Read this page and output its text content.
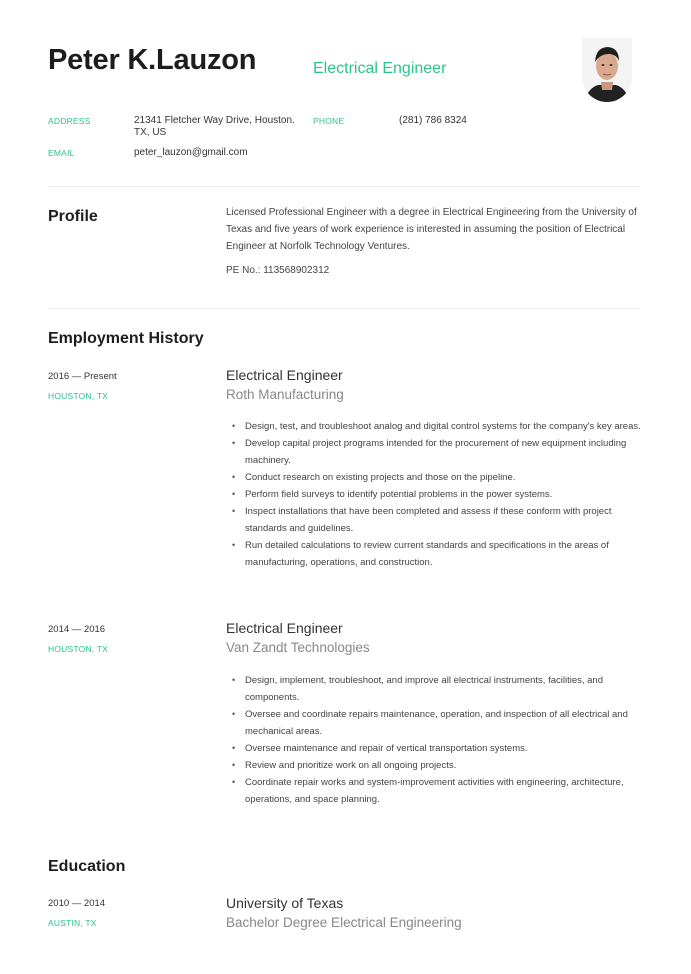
Peter K.Lauzon	Electrical Engineer
ADDRESS	21341 Fletcher Way Drive, Houston.
TX, US
PHONE	(281) 786 8324
EMAIL	peter_lauzon@gmail.com
Profile	Licensed Professional Engineer with a degree in Electrical Engineering from the University of
Texas and five years of work experience is interested in assuming the position of Electrical
Engineer at Norfolk Technology Ventures.
PE No.: 113568902312
Employment History
2016 — Present
HOUSTON, TX
Electrical Engineer
Roth Manufacturing
• Design, test, and troubleshoot analog and digital control systems for the company's key areas.
• Develop capital project programs intended for the procurement of new equipment including machinery.
• Conduct research on existing projects and those on the pipeline.
• Perform field surveys to identify potential problems in the power systems.
• Inspect installations that have been completed and assess if these conform with project standards and guidelines.
• Run detailed calculations to review current standards and specifications in the areas of manufacturing, operations, and construction.
2014 — 2016
HOUSTON, TX
Electrical Engineer
Van Zandt Technologies
• Design, implement, troubleshoot, and improve all electrical instruments, facilities, and components.
• Oversee and coordinate repairs maintenance, operation, and inspection of all electrical and mechanical areas.
• Oversee maintenance and repair of vertical transportation systems.
• Review and prioritize work on all ongoing projects.
• Coordinate repair works and system-improvement activities with engineering, architecture, operations, and space planning.
Education
2010 — 2014
AUSTIN, TX
University of Texas
Bachelor Degree Electrical Engineering
